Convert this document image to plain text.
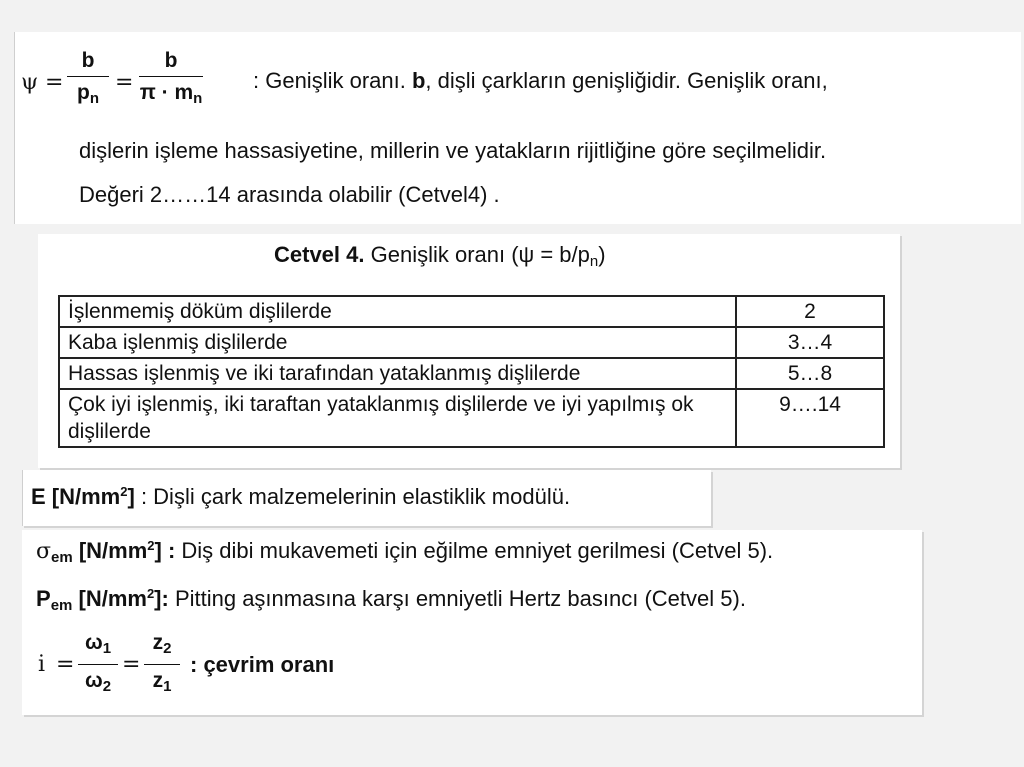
ψ =
b
$p_n$
=
b
$\pi \cdot m_n$
: Genişlik oranı. b, dişli çarkların genişliğidir. Genişlik oranı,
dişlerin işleme hassasiyetine, millerin ve yatakların rijitliğine göre seçilmelidir.
Değeri 2……14 arasında olabilir (Cetvel4) .
Cetvel 4. Genişlik oranı $(\psi = b/p_n)$
İşlenmemiş döküm dişlilerde	2
Kaba işlenmiş dişlilerde	3…4
Hassas işlenmiş ve iki tarafından yataklanmış dişlilerde	5…8
Çok iyi işlenmiş, iki taraftan yataklanmış dişlilerde ve iyi yapılmış ok dişlilerde	9….14
E $[N/mm^2]$ : Dişli çark malzemelerinin elastiklik modülü.
$\sigma_{em}$ $[N/mm^2]$ : Diş dibi mukavemeti için eğilme emniyet gerilmesi (Cetvel 5).
$P_{em}$ $[N/mm^2]$: Pitting aşınmasına karşı emniyetli Hertz basıncı (Cetvel 5).
i =
$\omega_1$
$\omega_2$
=
$z_2$
$z_1$
: çevrim oranı
